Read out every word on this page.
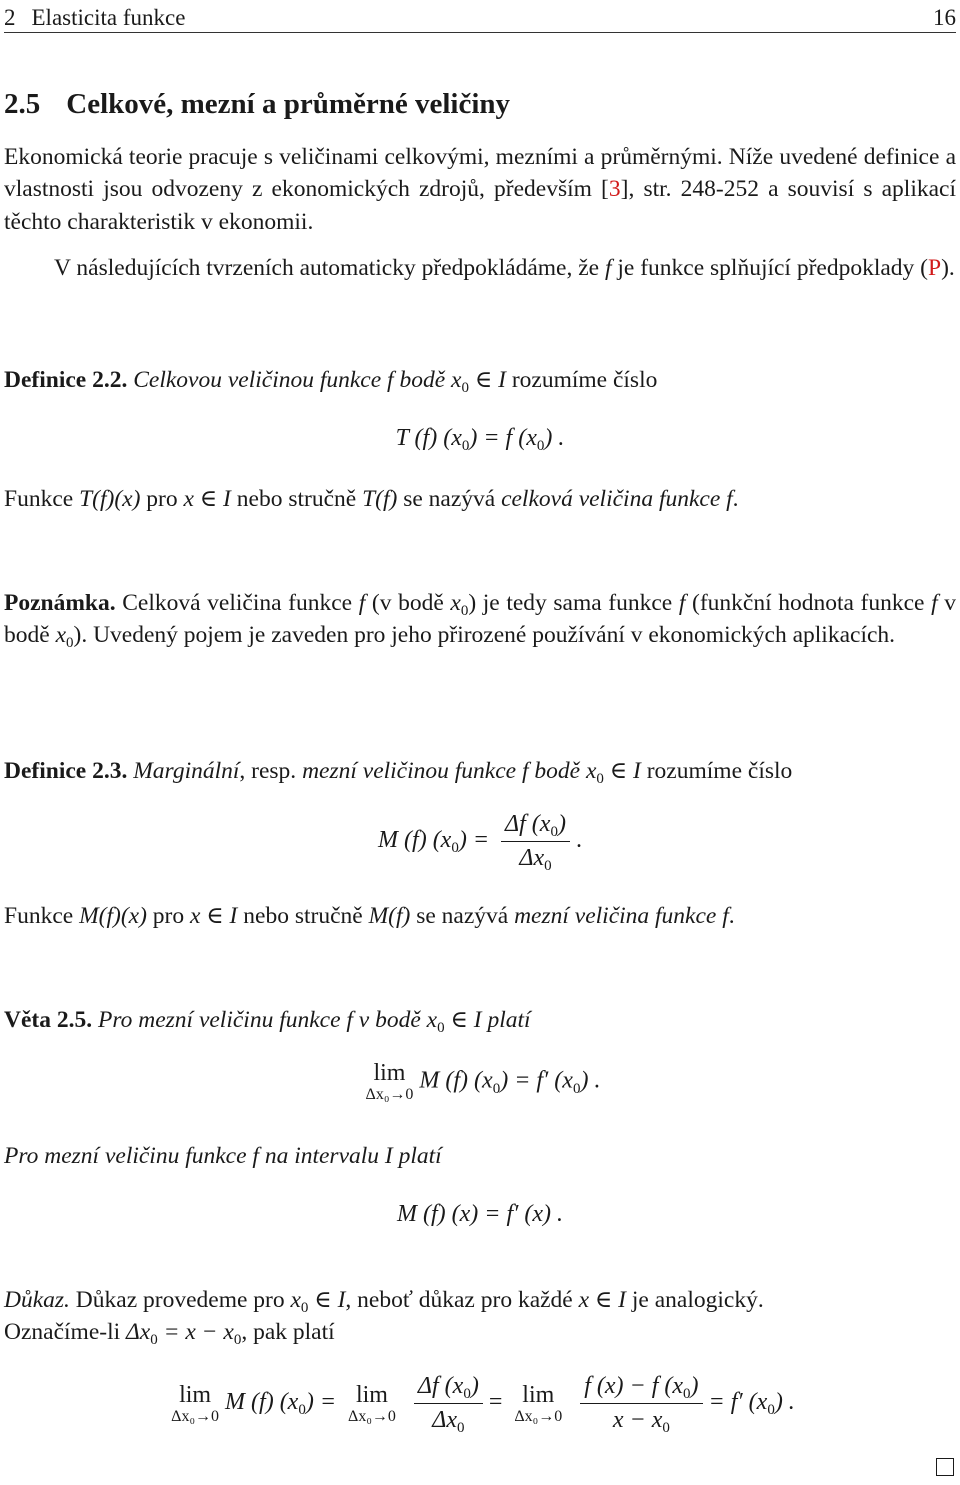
2 Elasticita funkce	16
2.5 Celkové, mezní a průměrné veličiny

Ekonomická teorie pracuje s veličinami celkovými, mezními a průměrnými. Níže uvedené definice a vlastnosti jsou odvozeny z ekonomických zdrojů, především [3], str. 248-252 a souvisí s aplikací těchto charakteristik v ekonomii.

V následujících tvrzeních automaticky předpokládáme, že f je funkce splňující předpoklady (P).

Definice 2.2. Celkovou veličinou funkce f bodě $x_0$ ∈ I rozumíme číslo

T (f) $(x_0) = f$ $(x_0)$ .

Funkce T(f)(x) pro x ∈ I nebo stručně T(f) se nazývá celková veličina funkce f.

Poznámka. Celková veličina funkce f (v bodě $x_0$) je tedy sama funkce f (funkční hodnota funkce f v bodě $x_0$). Uvedený pojem je zaveden pro jeho přirozené používání v ekonomických aplikacích.

Definice 2.3. Marginální, resp. mezní veličinou funkce f bodě $x_0$ ∈ I rozumíme číslo

M (f) $(x_0) = \frac{\Delta f (x_0)}{\Delta x_0}$ .

Funkce M(f)(x) pro x ∈ I nebo stručně M(f) se nazývá mezní veličina funkce f.

Věta 2.5. Pro mezní veličinu funkce f v bodě $x_0$ ∈ I platí

lim
Δx₀→0
M (f) $(x_0) = f'$ $(x_0)$ .

Pro mezní veličinu funkce f na intervalu I platí

M (f) (x) = f′ (x) .

Důkaz. Důkaz provedeme pro $x_0$ ∈ I, neboť důkaz pro každé x ∈ I je analogický.

Označíme-li $\Delta x_0 = x - x_0$, pak platí

lim
Δx₀→0
M (f) $(x_0) = \lim$
Δx₀→0
$\frac{\Delta f (x_0)}{\Delta x_0} = \lim$
Δx₀→0
$\frac{f (x) - f (x_0)}{x - x_0} = f'$ $(x_0)$ .
